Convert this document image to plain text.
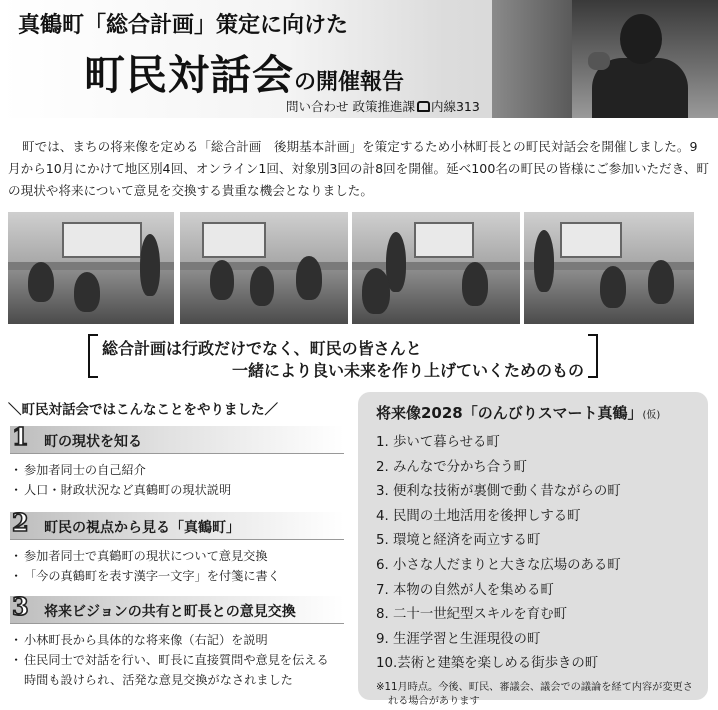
真鶴町「総合計画」策定に向けた
町民対話会の開催報告
問い合わせ 政策推進課 内線313

町では、まちの将来像を定める「総合計画　後期基本計画」を策定するため小林町長との町民対話会を開催しました。9月から10月にかけて地区別4回、オンライン1回、対象別3回の計8回を開催。延べ100名の町民の皆様にご参加いただき、町の現状や将来について意見を交換する貴重な機会となりました。

総合計画は行政だけでなく、町民の皆さんと
一緒により良い未来を作り上げていくためのもの
＼町民対話会ではこんなことをやりました／
1 町の現状を知る
・ 参加者同士の自己紹介
・ 人口・財政状況など真鶴町の現状説明
2 町民の視点から見る「真鶴町」
・ 参加者同士で真鶴町の現状について意見交換
・ 「今の真鶴町を表す漢字一文字」を付箋に書く
3 将来ビジョンの共有と町長との意見交換
・ 小林町長から具体的な将来像（右記）を説明
・ 住民同士で対話を行い、町長に直接質問や意見を伝える時間も設けられ、活発な意見交換がなされました
将来像2028「のんびりスマート真鶴」(仮)
1. 歩いて暮らせる町
2. みんなで分かち合う町
3. 便利な技術が裏側で動く昔ながらの町
4. 民間の土地活用を後押しする町
5. 環境と経済を両立する町
6. 小さな人だまりと大きな広場のある町
7. 本物の自然が人を集める町
8. 二十一世紀型スキルを育む町
9. 生涯学習と生涯現役の町
10.芸術と建築を楽しめる街歩きの町

※11月時点。今後、町民、審議会、議会での議論を経て内容が変更される場合があります
